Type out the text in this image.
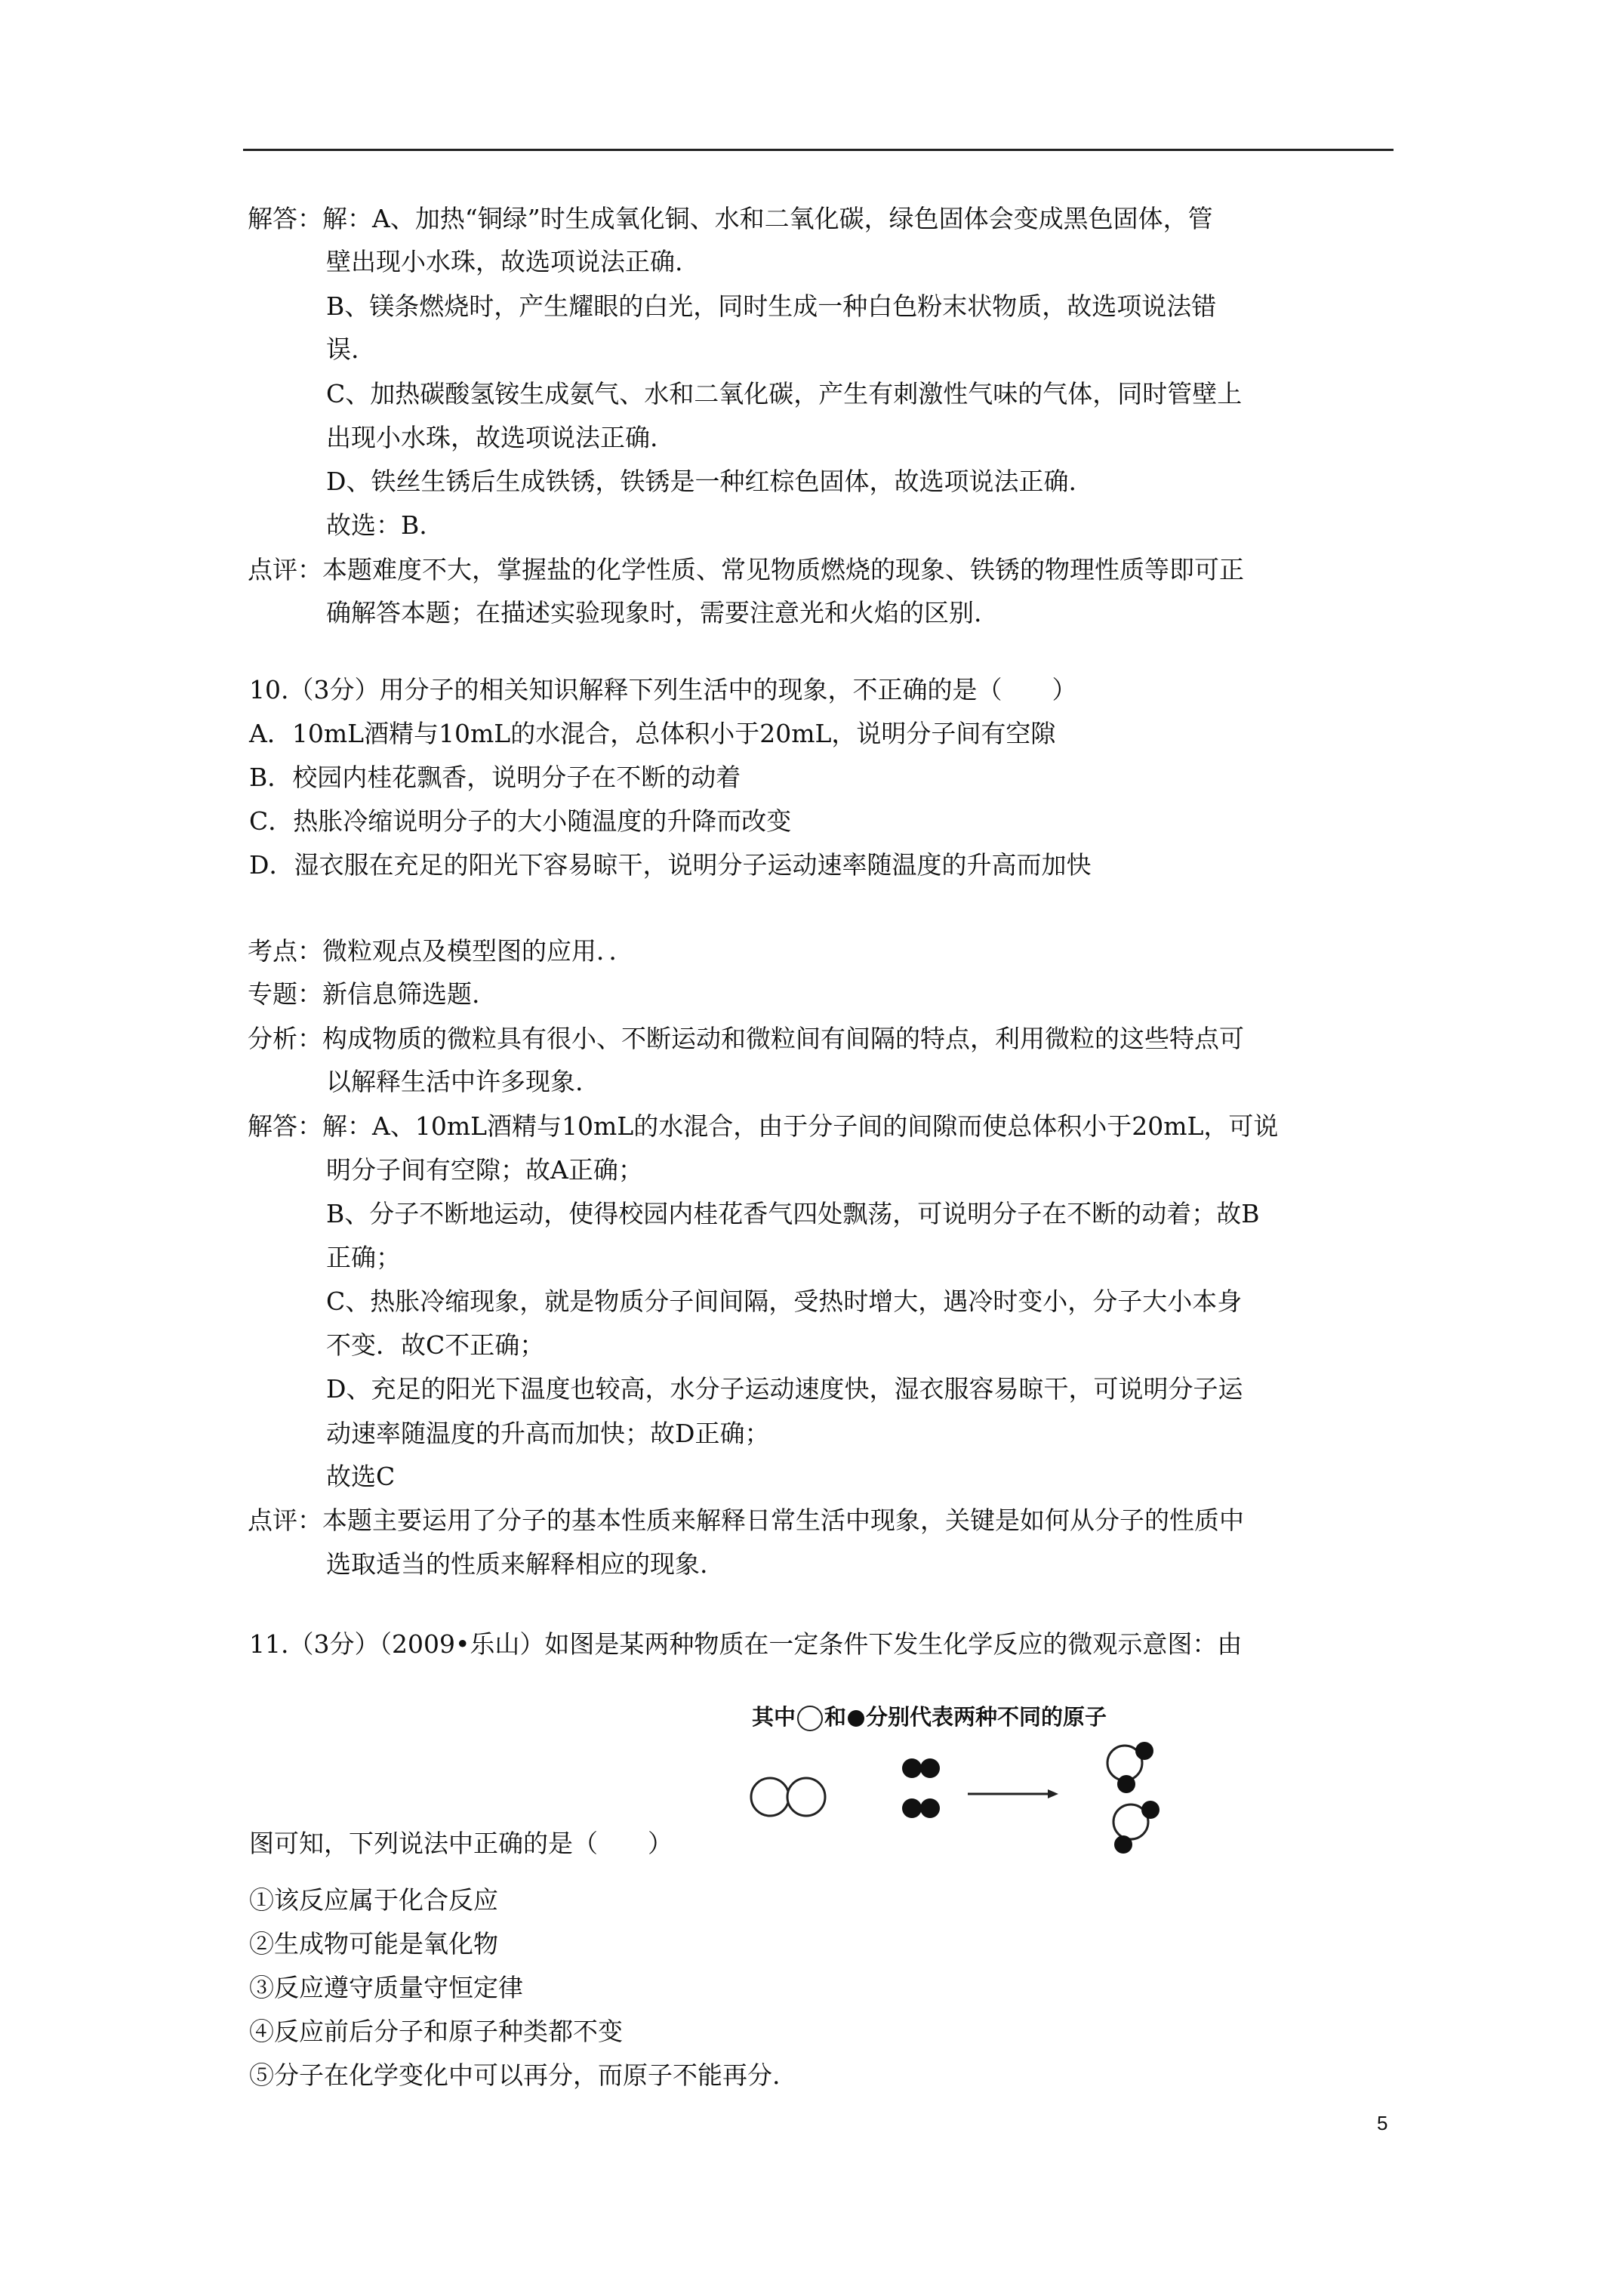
解答：解：A、加热“铜绿”时生成氧化铜、水和二氧化碳，绿色固体会变成黑色固体，管
壁出现小水珠，故选项说法正确.
B、镁条燃烧时，产生耀眼的白光，同时生成一种白色粉末状物质，故选项说法错
误.
C、加热碳酸氢铵生成氨气、水和二氧化碳，产生有刺激性气味的气体，同时管壁上
出现小水珠，故选项说法正确.
D、铁丝生锈后生成铁锈，铁锈是一种红棕色固体，故选项说法正确.
故选：B.
点评：本题难度不大，掌握盐的化学性质、常见物质燃烧的现象、铁锈的物理性质等即可正
确解答本题；在描述实验现象时，需要注意光和火焰的区别.
10.（3分）用分子的相关知识解释下列生活中的现象，不正确的是（　　）
A．10mL酒精与10mL的水混合，总体积小于20mL，说明分子间有空隙
B．校园内桂花飘香，说明分子在不断的动着
C．热胀冷缩说明分子的大小随温度的升降而改变
D．湿衣服在充足的阳光下容易晾干，说明分子运动速率随温度的升高而加快
考点：微粒观点及模型图的应用．．
专题：新信息筛选题.
分析：构成物质的微粒具有很小、不断运动和微粒间有间隔的特点，利用微粒的这些特点可
以解释生活中许多现象.
解答：解：A、10mL酒精与10mL的水混合，由于分子间的间隙而使总体积小于20mL，可说
明分子间有空隙；故A正确；
B、分子不断地运动，使得校园内桂花香气四处飘荡，可说明分子在不断的动着；故B
正确；
C、热胀冷缩现象，就是物质分子间间隔，受热时增大，遇冷时变小，分子大小本身
不变．故C不正确；
D、充足的阳光下温度也较高，水分子运动速度快，湿衣服容易晾干，可说明分子运
动速率随温度的升高而加快；故D正确；
故选C
点评：本题主要运用了分子的基本性质来解释日常生活中现象，关键是如何从分子的性质中
选取适当的性质来解释相应的现象.
11.（3分）（2009•乐山）如图是某两种物质在一定条件下发生化学反应的微观示意图：由
其中 和 分别代表两种不同的原子
图可知，下列说法中正确的是（　　）
①该反应属于化合反应
②生成物可能是氧化物
③反应遵守质量守恒定律
④反应前后分子和原子种类都不变
⑤分子在化学变化中可以再分，而原子不能再分.
5
